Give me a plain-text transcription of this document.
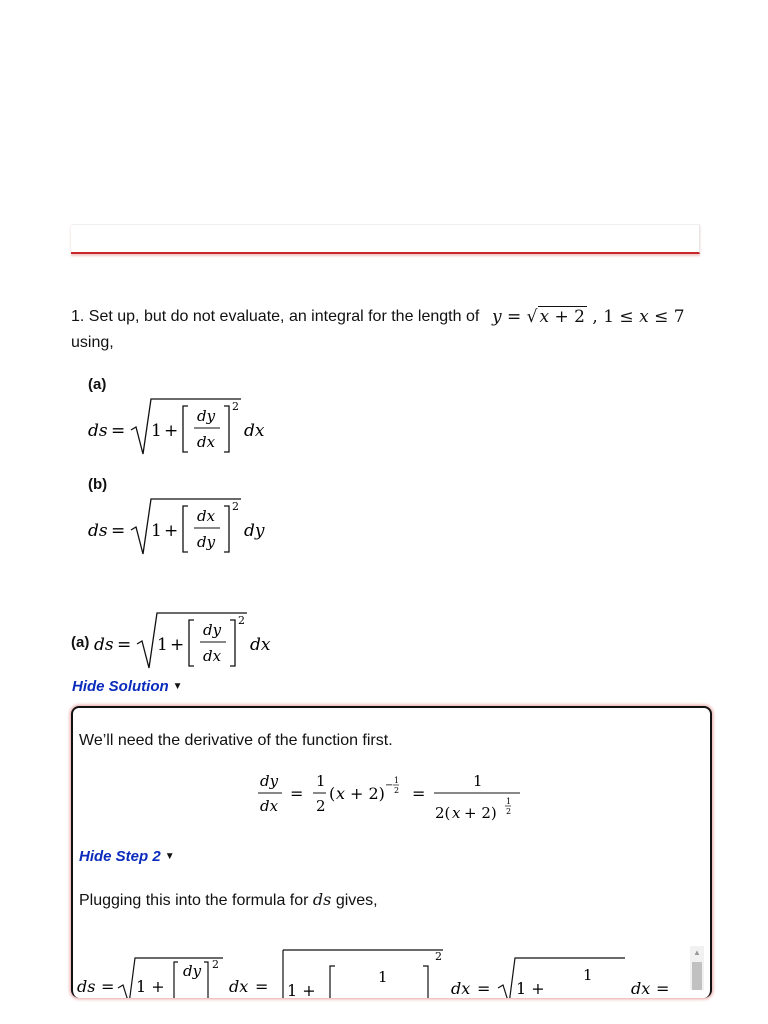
1. Set up, but do not evaluate, an integral for the length of y = √ x + 2 , 1 ≤ x ≤ 7

using,
(a)
ds = 1 +
dy
dx
2
dx
(b)
ds = 1 +
dx
dy
2
dy
(a) ds = 1 +
dy
dx
2
dx
Hide Solution ▼
We’ll need the derivative of the function first.
dy
dx
=
1
2
( x + 2) − 1
2 =
1
2( x + 2)
1
2
Hide Step 2 ▼
Plugging this into the formula for ds gives,
ds = 1 +
dy 2
dx = 1 +
1
2
dx = 1 +
1
dx =
▲
